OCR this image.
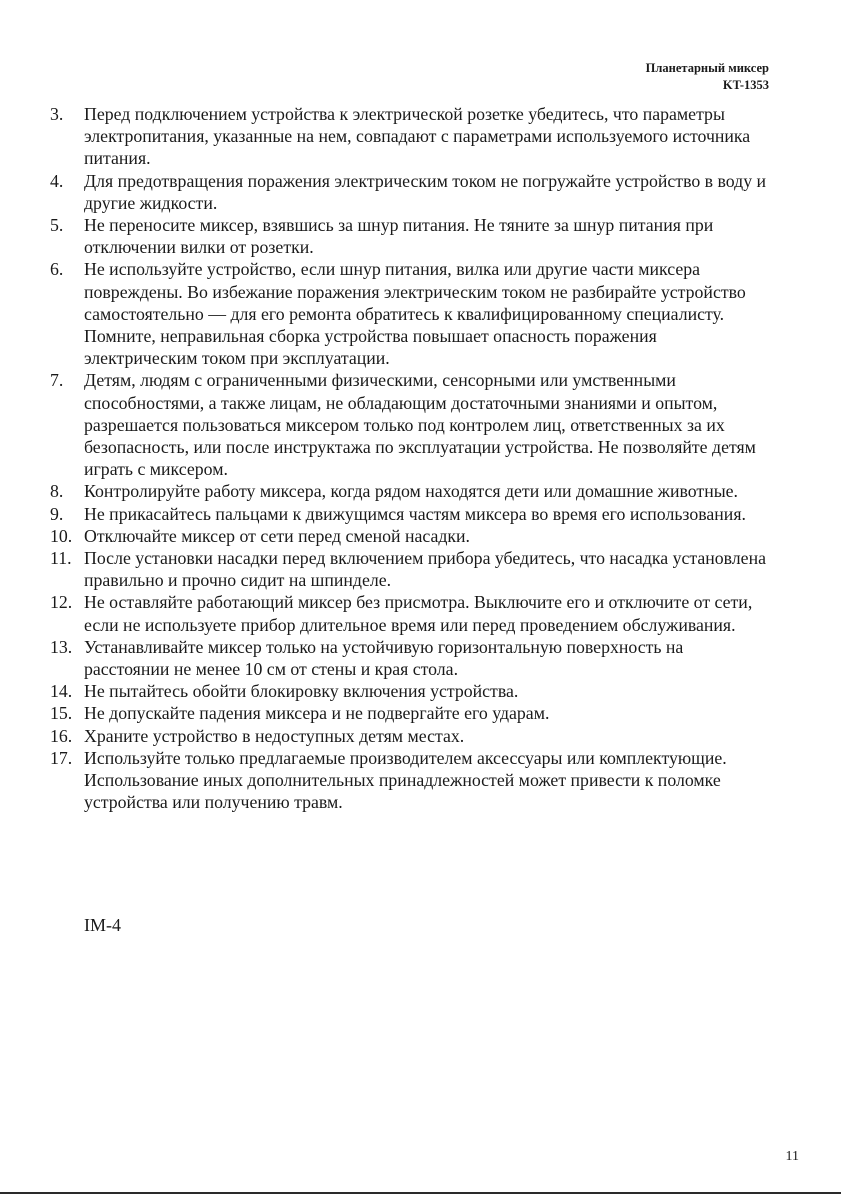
Планетарный миксер
KT-1353
3.	Перед подключением устройства к электрической розетке убедитесь, что параметры электропитания, указанные на нем, совпадают с параметрами используемого источника питания.
4.	Для предотвращения поражения электрическим током не погружайте устройство в воду и другие жидкости.
5.	Не переносите миксер, взявшись за шнур питания. Не тяните за шнур питания при отключении вилки от розетки.
6.	Не используйте устройство, если шнур питания, вилка или другие части миксера повреждены. Во избежание поражения электрическим током не разбирайте устройство самостоятельно — для его ремонта обратитесь к квалифицированному специалисту. Помните, неправильная сборка устройства повышает опасность поражения электрическим током при эксплуатации.
7.	Детям, людям с ограниченными физическими, сенсорными или умственными способностями, а также лицам, не обладающим достаточными знаниями и опытом, разрешается пользоваться миксером только под контролем лиц, ответственных за их безопасность, или после инструктажа по эксплуатации устройства. Не позволяйте детям играть с миксером.
8.	Контролируйте работу миксера, когда рядом находятся дети или домашние животные.
9.	Не прикасайтесь пальцами к движущимся частям миксера во время его использования.
10. Отключайте миксер от сети перед сменой насадки.
11. После установки насадки перед включением прибора убедитесь, что насадка установлена правильно и прочно сидит на шпинделе.
12. Не оставляйте работающий миксер без присмотра. Выключите его и отключите от сети, если не используете прибор длительное время или перед проведением обслуживания.
13. Устанавливайте миксер только на устойчивую горизонтальную поверхность на расстоянии не менее 10 см от стены и края стола.
14. Не пытайтесь обойти блокировку включения устройства.
15. Не допускайте падения миксера и не подвергайте его ударам.
16. Храните устройство в недоступных детям местах.
17. Используйте только предлагаемые производителем аксессуары или комплектующие. Использование иных дополнительных принадлежностей может привести к поломке устройства или получению травм.
IM-4
11
